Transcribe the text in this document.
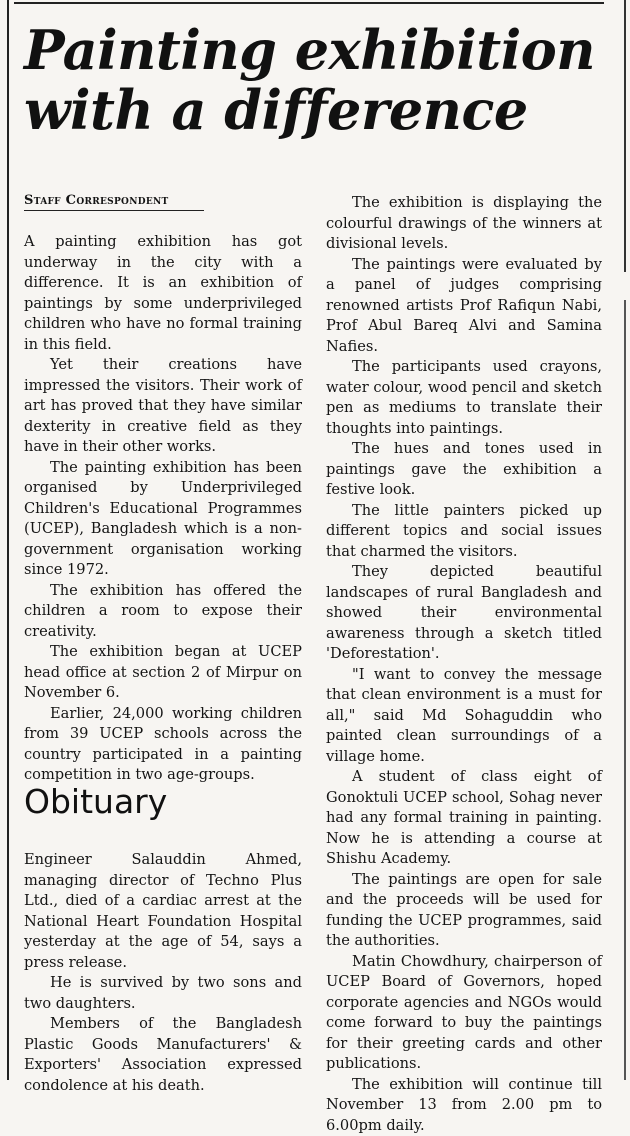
Painting exhibition
with a difference
Staff Correspondent

A painting exhibition has got underway in the city with a difference. It is an exhibition of paintings by some underprivileged children who have no formal training in this field.

Yet their creations have impressed the visitors. Their work of art has proved that they have similar dexterity in creative field as they have in their other works.

The painting exhibition has been organised by Underprivileged Children's Educational Programmes (UCEP), Bangladesh which is a non-government organisation working since 1972.

The exhibition has offered the children a room to expose their creativity.

The exhibition began at UCEP head office at section 2 of Mirpur on November 6.

Earlier, 24,000 working children from 39 UCEP schools across the country participated in a painting competition in two age-groups.

The exhibition is displaying the colourful drawings of the winners at divisional levels.

The paintings were evaluated by a panel of judges comprising renowned artists Prof Rafiqun Nabi, Prof Abul Bareq Alvi and Samina Nafies.

The participants used crayons, water colour, wood pencil and sketch pen as mediums to translate their thoughts into paintings.

The hues and tones used in paintings gave the exhibition a festive look.

The little painters picked up different topics and social issues that charmed the visitors.

They depicted beautiful landscapes of rural Bangladesh and showed their environmental awareness through a sketch titled 'Deforestation'.

"I want to convey the message that clean environment is a must for all," said Md Sohaguddin who painted clean surroundings of a village home.

A student of class eight of Gonoktuli UCEP school, Sohag never had any formal training in painting. Now he is attending a course at Shishu Academy.

The paintings are open for sale and the proceeds will be used for funding the UCEP programmes, said the authorities.

Matin Chowdhury, chairperson of UCEP Board of Governors, hoped corporate agencies and NGOs would come forward to buy the paintings for their greeting cards and other publications.

The exhibition will continue till November 13 from 2.00 pm to 6.00pm daily.

Obituary

Engineer Salauddin Ahmed, managing director of Techno Plus Ltd., died of a cardiac arrest at the National Heart Foundation Hospital yesterday at the age of 54, says a press release.

He is survived by two sons and two daughters.

Members of the Bangladesh Plastic Goods Manufacturers' & Exporters' Association expressed condolence at his death.
